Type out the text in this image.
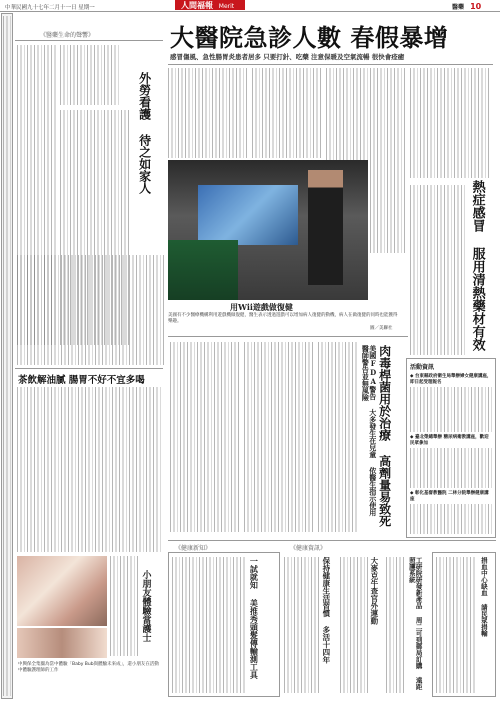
中華民國九十七年二月十一日 星期一	人間福報 Merit Times
醫藥 10
《醫藥生命的聲響》
外勞看護 待之如家人
茶飲解油膩 腸胃不好不宜多喝
小朋友體驗當護士
中興保全集團為當中體驗「Baby Bub與體驗未來成」，還小朋友在活動中體驗護理師的工作
大醫院急診人數 春假暴增
感冒傷風、急性腸胃炎患者居多 只要打針、吃藥 注意保暖及空氣流暢 很快會痊癒
熱症感冒 服用清熱藥材有效
用Wii遊戲做復健
美國有不少醫療機構利用遊戲機做復健，醫生表示透過遊戲可以增加病人復健的動機，病人在做復健的同時也能獲得樂趣。
圖／美聯社
美國FDA警告 大多發生在兒童 依醫生指示使用 醫師警告並無風險 肉毒桿菌用於治療 高劑量易致死	活動資訊
◆ 台東縣政府衛生局舉辦婦女健康講座，即日起受理報名
◆ 臺北榮總舉辦 糖尿病衛教講座，歡迎民眾參加
◆ 彰化基督教醫院 二林分院舉辦健康講座
《健康新知》	《健康資訊》
一試就知 美推秀頭髮傳輸測工具	保持健康生活習慣 多活十四年	大麥克牛查官外運動	工研院研發新產品 周二可到郵局訂購 遠距照護系統	捐血中心缺血 請民眾捐輸
